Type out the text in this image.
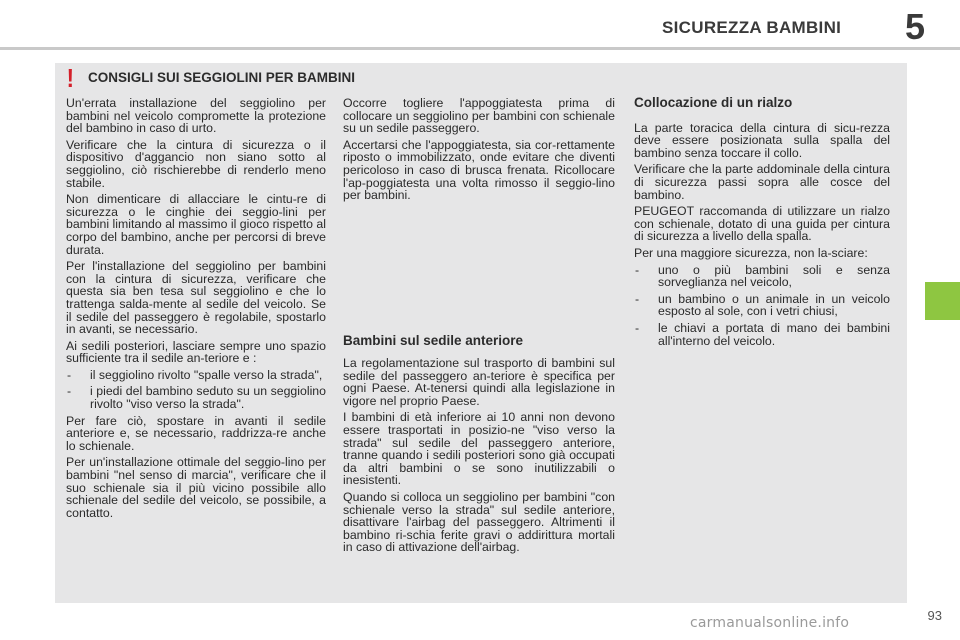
SICUREZZA BAMBINI 5
! CONSIGLI SUI SEGGIOLINI PER BAMBINI

Un'errata installazione del seggiolino per bambini nel veicolo compromette la protezione del bambino in caso di urto.

Verificare che la cintura di sicurezza o il dispositivo d'aggancio non siano sotto al seggiolino, ciò rischierebbe di renderlo meno stabile.

Non dimenticare di allacciare le cintu-re di sicurezza o le cinghie dei seggio-lini per bambini limitando al massimo il gioco rispetto al corpo del bambino, anche per percorsi di breve durata.

Per l'installazione del seggiolino per bambini con la cintura di sicurezza, verificare che questa sia ben tesa sul seggiolino e che lo trattenga salda-mente al sedile del veicolo. Se il sedile del passeggero è regolabile, spostarlo in avanti, se necessario.

Ai sedili posteriori, lasciare sempre uno spazio sufficiente tra il sedile an-teriore e :

- il seggiolino rivolto "spalle verso la strada",
- i piedi del bambino seduto su un seggiolino rivolto "viso verso la strada".

Per fare ciò, spostare in avanti il sedile anteriore e, se necessario, raddrizza-re anche lo schienale.

Per un'installazione ottimale del seggio-lino per bambini "nel senso di marcia", verificare che il suo schienale sia il più vicino possibile allo schienale del sedile del veicolo, se possibile, a contatto.

Occorre togliere l'appoggiatesta prima di collocare un seggiolino per bambini con schienale su un sedile passeggero.

Accertarsi che l'appoggiatesta, sia cor-rettamente riposto o immobilizzato, onde evitare che diventi pericoloso in caso di brusca frenata. Ricollocare l'ap-poggiatesta una volta rimosso il seggio-lino per bambini.

Bambini sul sedile anteriore

La regolamentazione sul trasporto di bambini sul sedile del passeggero an-teriore è specifica per ogni Paese. At-tenersi quindi alla legislazione in vigore nel proprio Paese.

I bambini di età inferiore ai 10 anni non devono essere trasportati in posizio-ne "viso verso la strada" sul sedile del passeggero anteriore, tranne quando i sedili posteriori sono già occupati da altri bambini o se sono inutilizzabili o inesistenti.

Quando si colloca un seggiolino per bambini "con schienale verso la strada" sul sedile anteriore, disattivare l'airbag del passeggero. Altrimenti il bambino ri-schia ferite gravi o addirittura mortali in caso di attivazione dell'airbag.

Collocazione di un rialzo

La parte toracica della cintura di sicu-rezza deve essere posizionata sulla spalla del bambino senza toccare il collo.

Verificare che la parte addominale della cintura di sicurezza passi sopra alle cosce del bambino.

PEUGEOT raccomanda di utilizzare un rialzo con schienale, dotato di una guida per cintura di sicurezza a livello della spalla.

Per una maggiore sicurezza, non la-sciare:

- uno o più bambini soli e senza sorveglianza nel veicolo,
- un bambino o un animale in un veicolo esposto al sole, con i vetri chiusi,
- le chiavi a portata di mano dei bambini all'interno del veicolo.
93
carmanualsonline.info
